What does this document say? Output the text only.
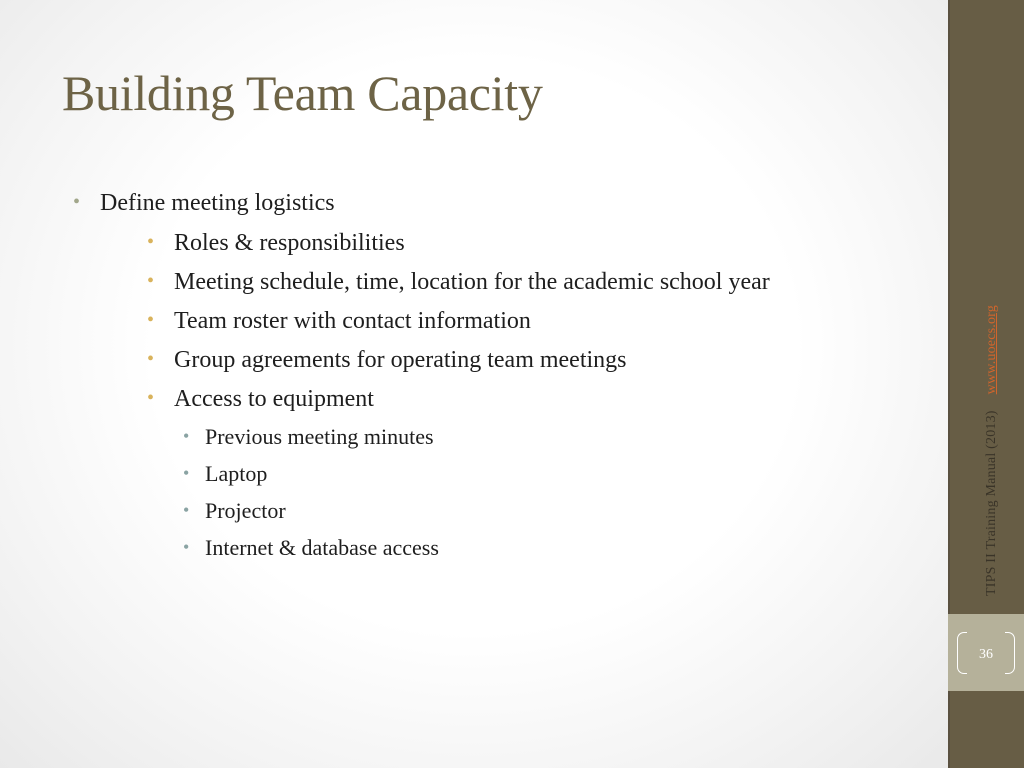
Building Team Capacity
• Define meeting logistics
• Roles & responsibilities
• Meeting schedule, time, location for the academic school year
• Team roster with contact information
• Group agreements for operating team meetings
• Access to equipment
• Previous meeting minutes
• Laptop
• Projector
• Internet & database access	TIPS II Training Manual (2013)www.uoecs.org
36
